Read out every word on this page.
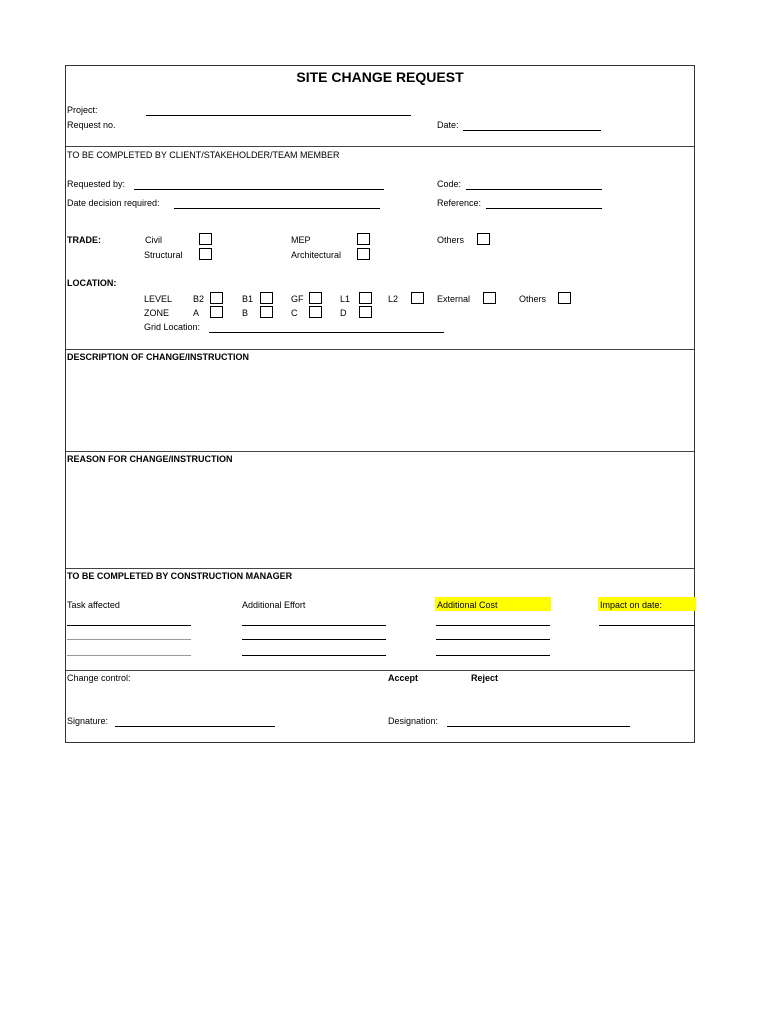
SITE CHANGE REQUEST
Project:
Request no.	Date:
TO BE COMPLETED BY CLIENT/STAKEHOLDER/TEAM MEMBER
Requested by:	Code:
Date decision required:	Reference:
TRADE:	Civil	MEP	Others
Structural	Architectural
LOCATION:
LEVEL B2	B1	GF	L1	L2	External	Others
ZONE	A	B	C	D
Grid Location:
DESCRIPTION OF CHANGE/INSTRUCTION
REASON FOR CHANGE/INSTRUCTION
TO BE COMPLETED BY CONSTRUCTION MANAGER
Task affected	Additional Effort	Additional Cost	Impact on date:
Change control:	Accept	Reject
Signature:	Designation:
